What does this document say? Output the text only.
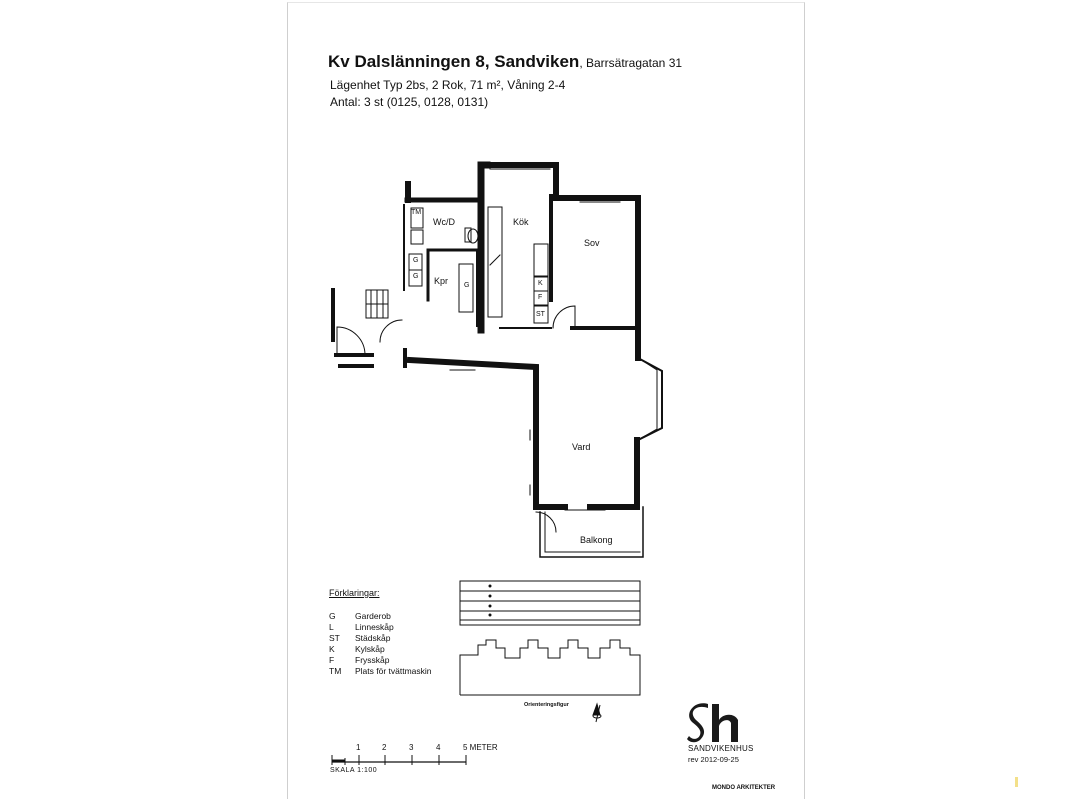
Kv Dalslänningen 8, Sandviken, Barrsätragatan 31
Lägenhet Typ 2bs, 2 Rok, 71 m², Våning 2-4
Antal: 3 st (0125, 0128, 0131)
TM
Wc/D	Kök
Sov
Kpr
Vard
Balkong
G
G
G	K
F
ST
Förklaringar:
G	Garderob
L	Linneskåp
ST	Städskåp
K	Kylskåp
F	Frysskåp
TM	Plats för tvättmaskin
Orienteringsfigur
1	2	3	4	5 METER
SKALA 1:100
SANDVIKENHUS
rev 2012-09-25
MONDO ARKITEKTER
